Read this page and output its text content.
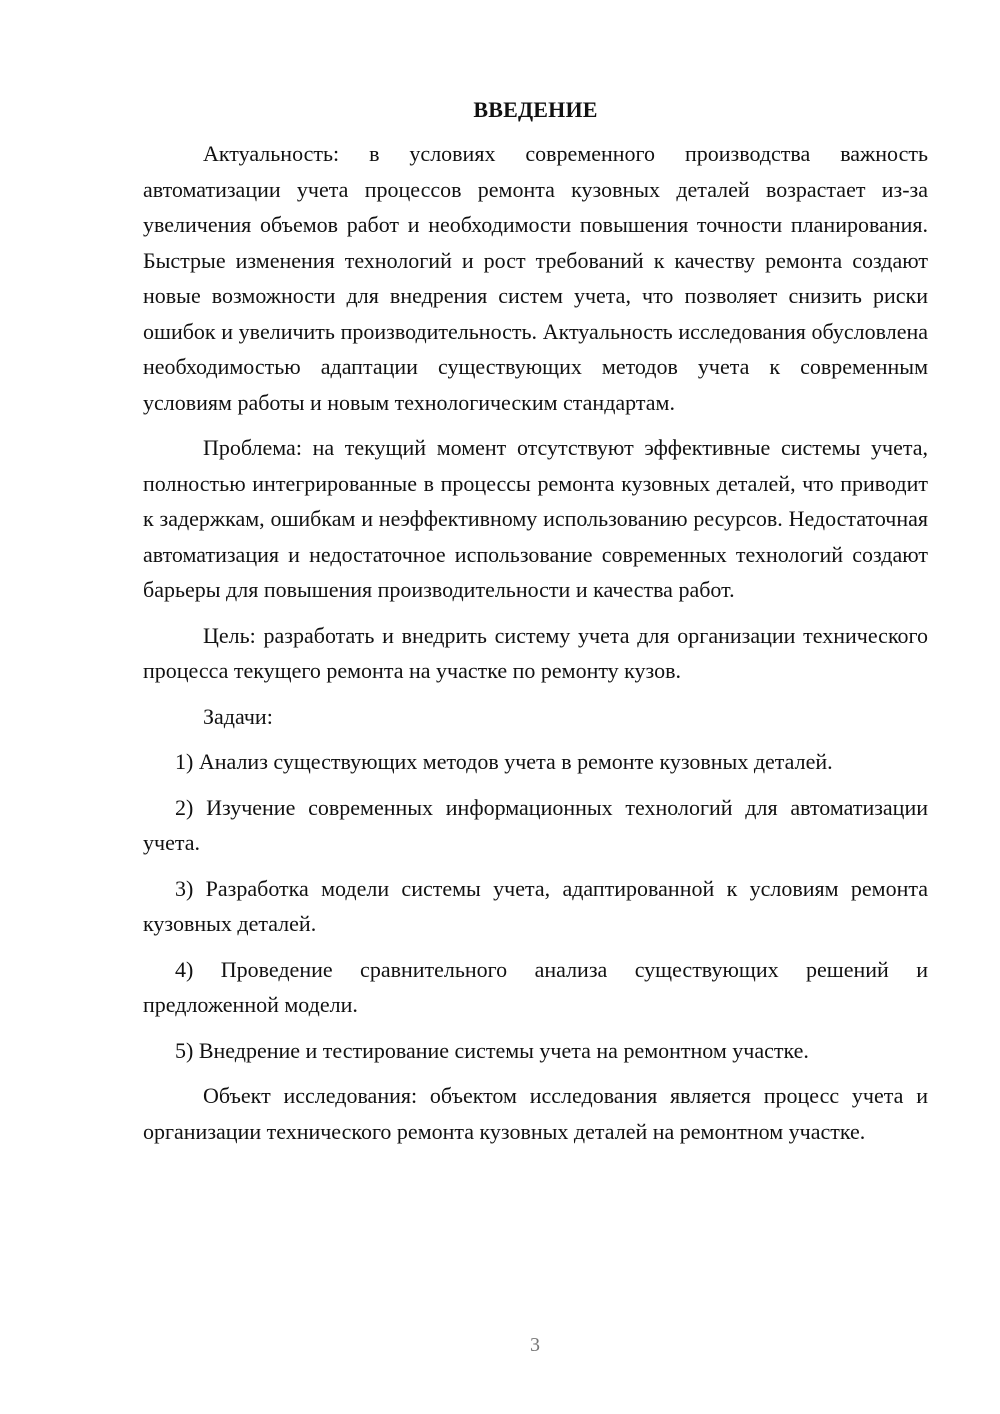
ВВЕДЕНИЕ

Актуальность: в условиях современного производства важность автоматизации учета процессов ремонта кузовных деталей возрастает из-за увеличения объемов работ и необходимости повышения точности планирования. Быстрые изменения технологий и рост требований к качеству ремонта создают новые возможности для внедрения систем учета, что позволяет снизить риски ошибок и увеличить производительность. Актуальность исследования обусловлена необходимостью адаптации существующих методов учета к современным условиям работы и новым технологическим стандартам.

Проблема: на текущий момент отсутствуют эффективные системы учета, полностью интегрированные в процессы ремонта кузовных деталей, что приводит к задержкам, ошибкам и неэффективному использованию ресурсов. Недостаточная автоматизация и недостаточное использование современных технологий создают барьеры для повышения производительности и качества работ.

Цель: разработать и внедрить систему учета для организации технического процесса текущего ремонта на участке по ремонту кузов.

Задачи:

1) Анализ существующих методов учета в ремонте кузовных деталей.

2) Изучение современных информационных технологий для автоматизации учета.

3) Разработка модели системы учета, адаптированной к условиям ремонта кузовных деталей.

4) Проведение сравнительного анализа существующих решений и предложенной модели.

5) Внедрение и тестирование системы учета на ремонтном участке.

Объект исследования: объектом исследования является процесс учета и организации технического ремонта кузовных деталей на ремонтном участке.

3
